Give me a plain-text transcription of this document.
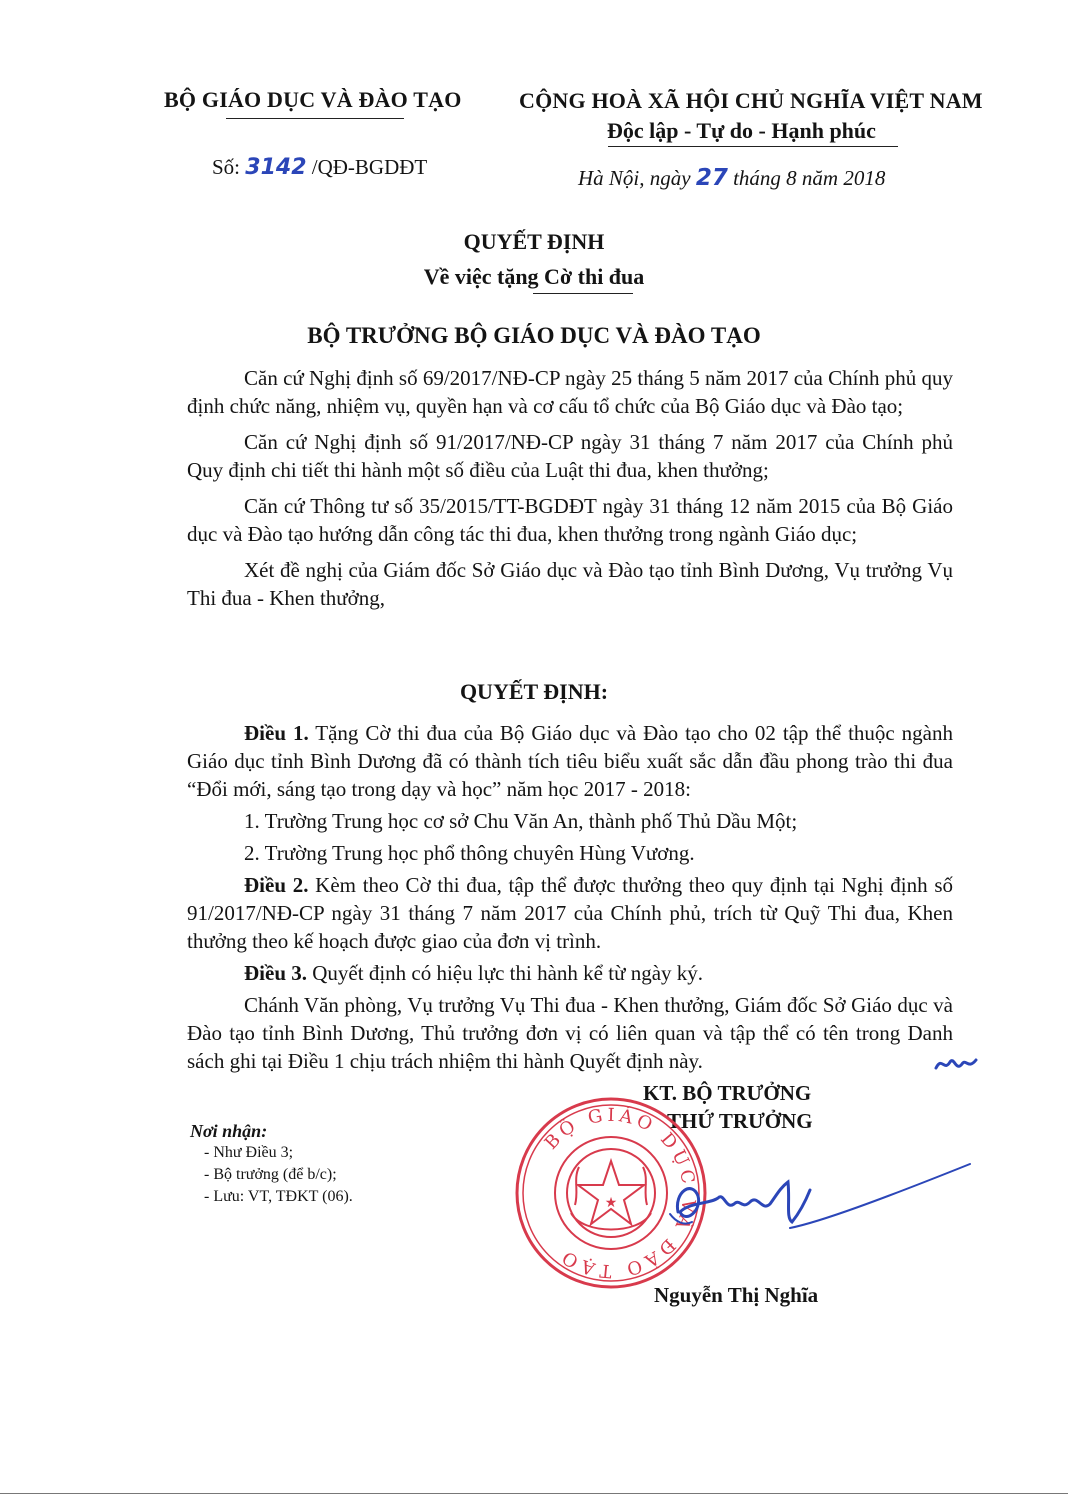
BỘ GIÁO DỤC VÀ ĐÀO TẠO	CỘNG HOÀ XÃ HỘI CHỦ NGHĨA VIỆT NAM
Độc lập - Tự do - Hạnh phúc
Số: 3142 /QĐ-BGDĐT	Hà Nội, ngày 27 tháng 8 năm 2018
QUYẾT ĐỊNH
Về việc tặng Cờ thi đua
BỘ TRƯỞNG BỘ GIÁO DỤC VÀ ĐÀO TẠO

Căn cứ Nghị định số 69/2017/NĐ-CP ngày 25 tháng 5 năm 2017 của Chính phủ quy định chức năng, nhiệm vụ, quyền hạn và cơ cấu tổ chức của Bộ Giáo dục và Đào tạo;

Căn cứ Nghị định số 91/2017/NĐ-CP ngày 31 tháng 7 năm 2017 của Chính phủ Quy định chi tiết thi hành một số điều của Luật thi đua, khen thưởng;

Căn cứ Thông tư số 35/2015/TT-BGDĐT ngày 31 tháng 12 năm 2015 của Bộ Giáo dục và Đào tạo hướng dẫn công tác thi đua, khen thưởng trong ngành Giáo dục;

Xét đề nghị của Giám đốc Sở Giáo dục và Đào tạo tỉnh Bình Dương, Vụ trưởng Vụ Thi đua - Khen thưởng,

QUYẾT ĐỊNH:

Điều 1. Tặng Cờ thi đua của Bộ Giáo dục và Đào tạo cho 02 tập thể thuộc ngành Giáo dục tỉnh Bình Dương đã có thành tích tiêu biểu xuất sắc dẫn đầu phong trào thi đua “Đổi mới, sáng tạo trong dạy và học” năm học 2017 - 2018:

1. Trường Trung học cơ sở Chu Văn An, thành phố Thủ Dầu Một;

2. Trường Trung học phổ thông chuyên Hùng Vương.

Điều 2. Kèm theo Cờ thi đua, tập thể được thưởng theo quy định tại Nghị định số 91/2017/NĐ-CP ngày 31 tháng 7 năm 2017 của Chính phủ, trích từ Quỹ Thi đua, Khen thưởng theo kế hoạch được giao của đơn vị trình.

Điều 3. Quyết định có hiệu lực thi hành kể từ ngày ký.

Chánh Văn phòng, Vụ trưởng Vụ Thi đua - Khen thưởng, Giám đốc Sở Giáo dục và Đào tạo tỉnh Bình Dương, Thủ trưởng đơn vị có liên quan và tập thể có tên trong Danh sách ghi tại Điều 1 chịu trách nhiệm thi hành Quyết định này.

KT. BỘ TRƯỞNG
THỨ TRƯỞNG
BỘ GIÁO DỤC VÀ ĐÀO TẠO
★
Nguyễn Thị Nghĩa
Nơi nhận:
- Như Điều 3;
- Bộ trưởng (để b/c);
- Lưu: VT, TĐKT (06).
